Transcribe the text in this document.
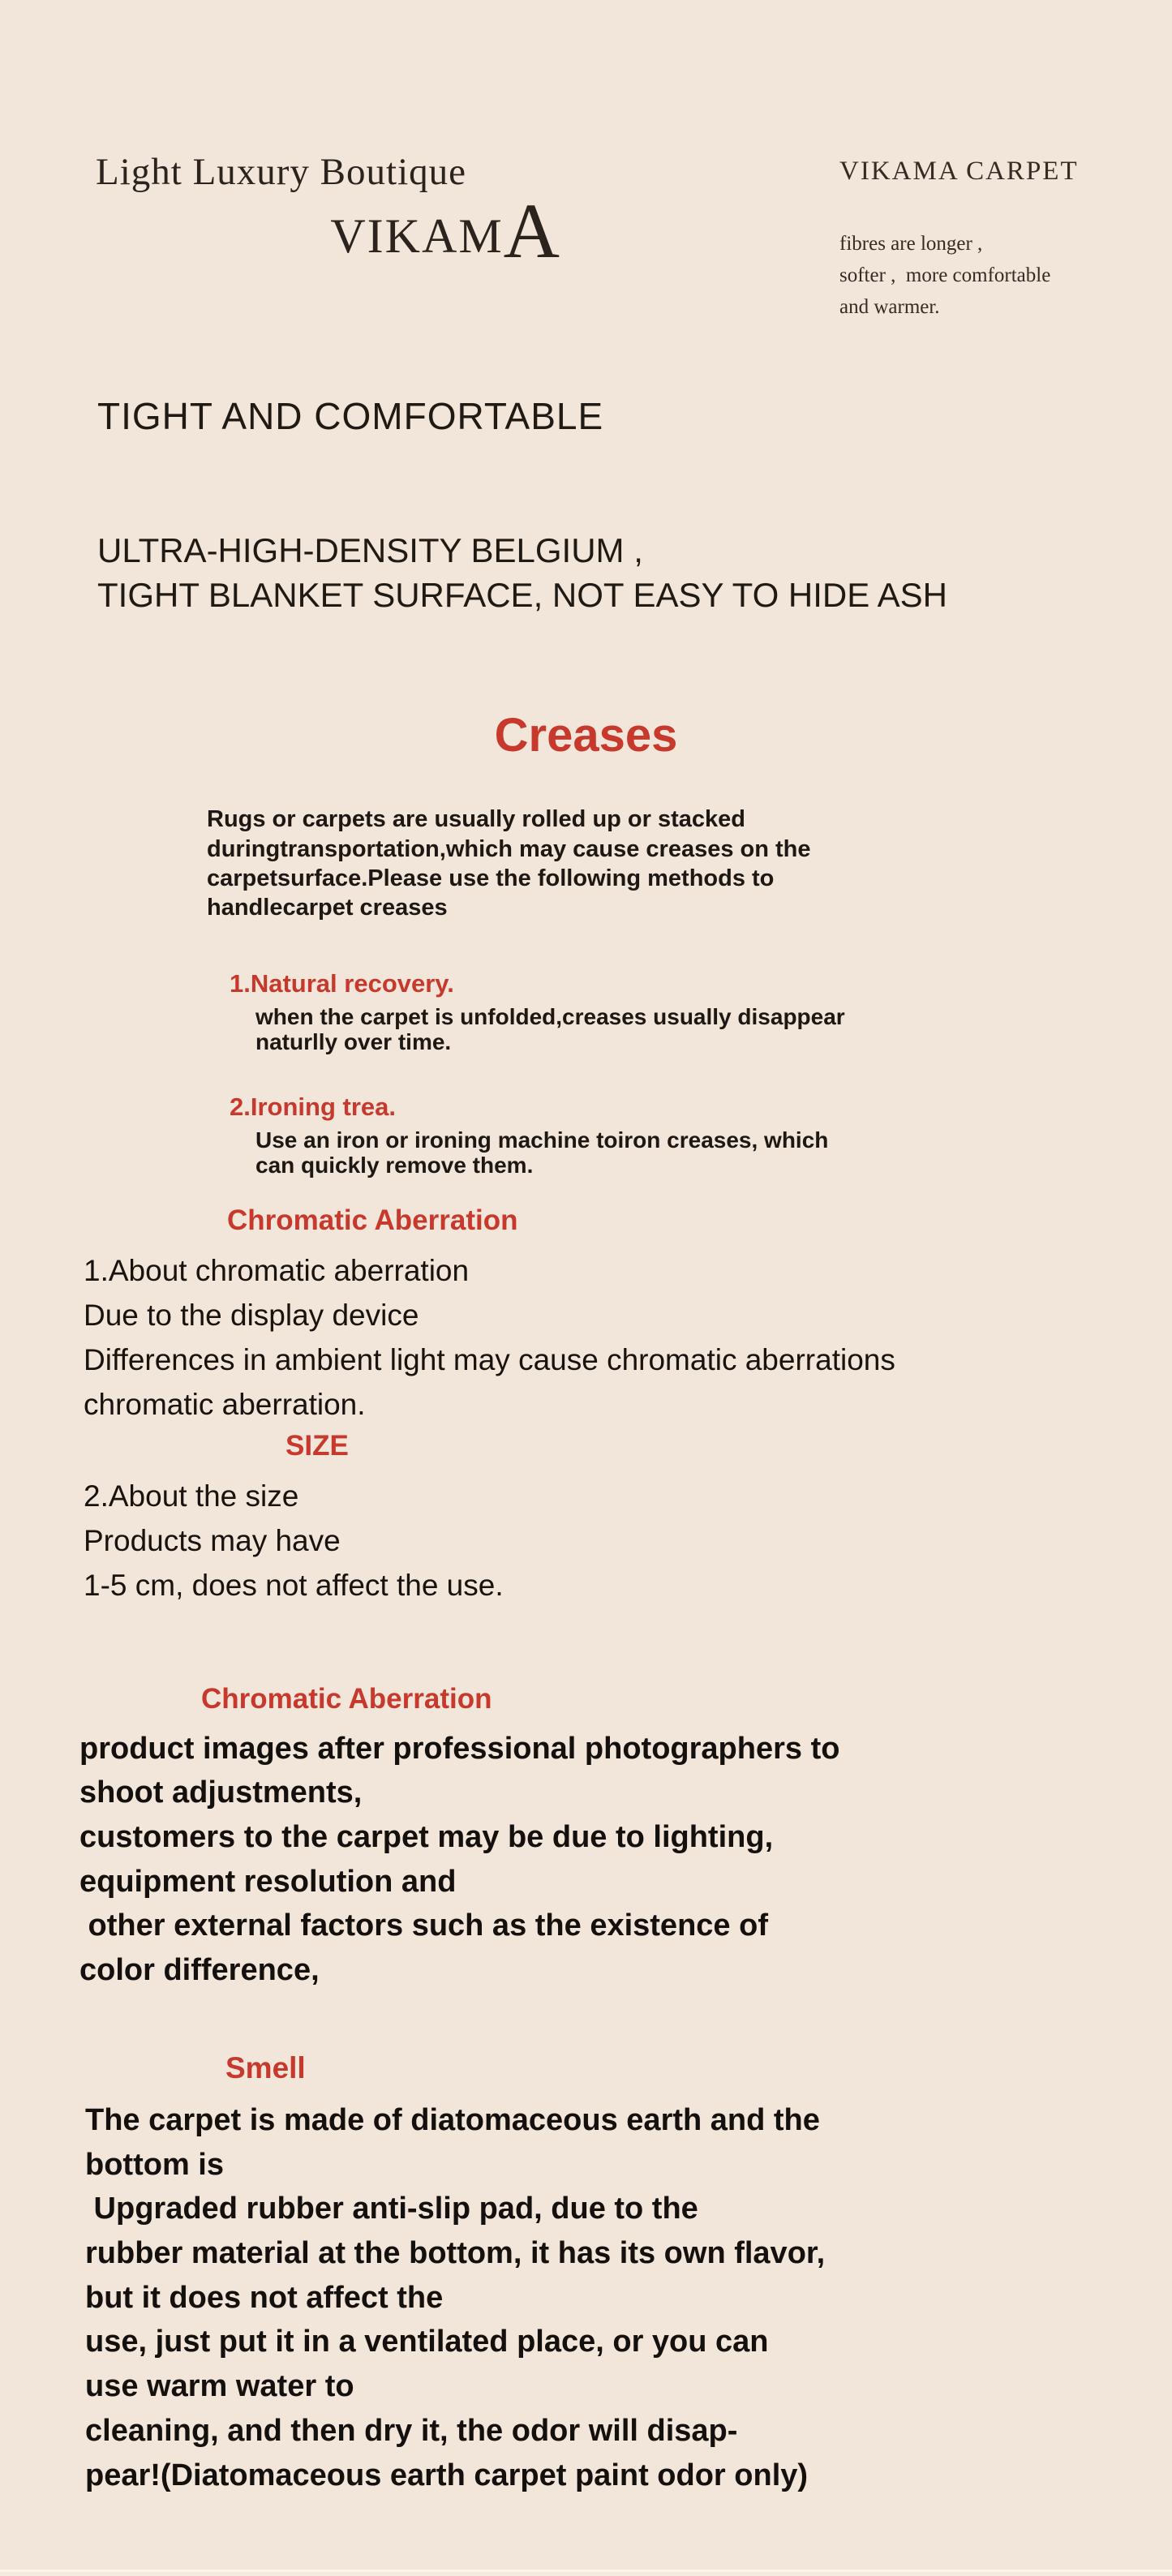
Light Luxury Boutique
VIKAM A
VIKAMA CARPET
fibres are longer ,
softer ,  more comfortable
and warmer.
TIGHT AND COMFORTABLE
ULTRA-HIGH-DENSITY BELGIUM ,
TIGHT BLANKET SURFACE, NOT EASY TO HIDE ASH
Creases
Rugs or carpets are usually rolled up or stacked
duringtransportation,which may cause creases on the
carpetsurface.Please use the following methods to
handlecarpet creases
1.Natural recovery.
when the carpet is unfolded,creases usually disappear
naturlly over time.
2.Ironing trea.
Use an iron or ironing machine toiron creases, which
can quickly remove them.
Chromatic Aberration
1.About chromatic aberration
Due to the display device
Differences in ambient light may cause chromatic aberrations
chromatic aberration.
SIZE
2.About the size
Products may have
1-5 cm, does not affect the use.
Chromatic Aberration
product images after professional photographers to
shoot adjustments,
customers to the carpet may be due to lighting,
equipment resolution and
other external factors such as the existence of
color difference,
Smell
The carpet is made of diatomaceous earth and the
bottom is
Upgraded rubber anti-slip pad, due to the
rubber material at the bottom, it has its own flavor,
but it does not affect the
use, just put it in a ventilated place, or you can
use warm water to
cleaning, and then dry it, the odor will disap-
pear!(Diatomaceous earth carpet paint odor only)
